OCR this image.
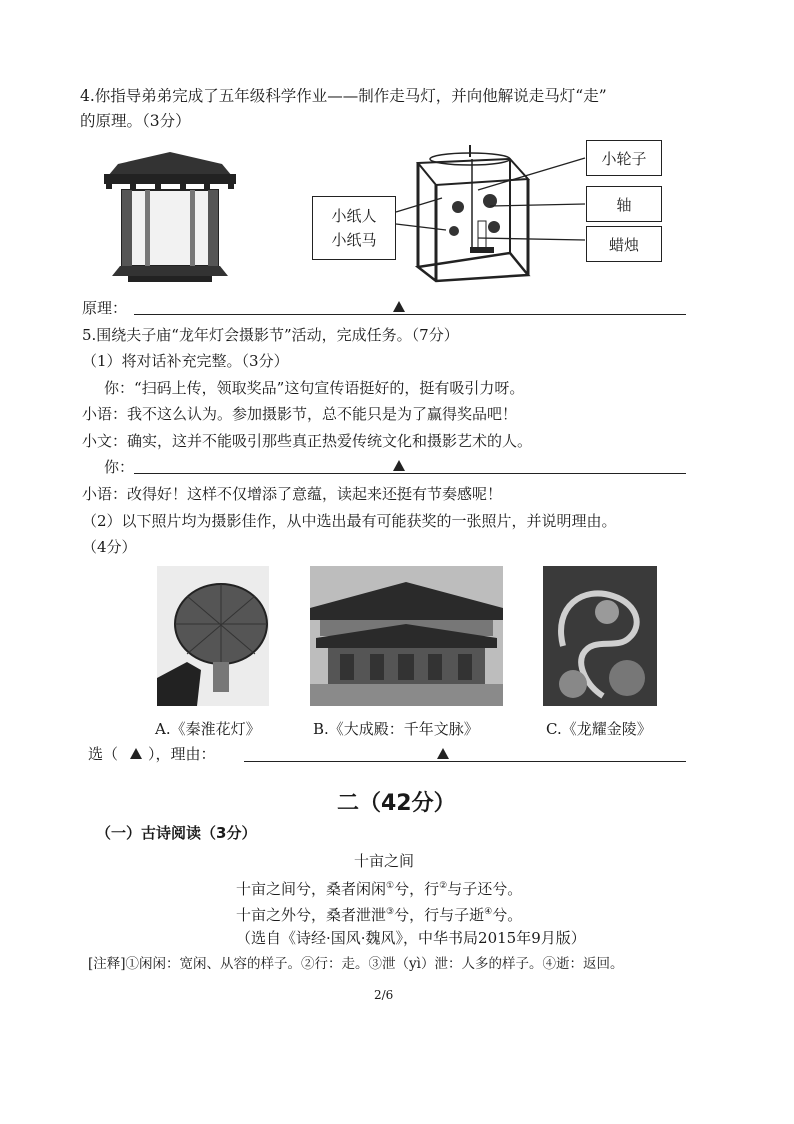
4.你指导弟弟完成了五年级科学作业——制作走马灯，并向他解说走马灯“走”
的原理。（3分）
小轮子
轴
蜡烛
小纸人
小纸马
原理：
5.围绕夫子庙“龙年灯会摄影节”活动，完成任务。（7分）
（1）将对话补充完整。（3分）
你：“扫码上传，领取奖品”这句宣传语挺好的，挺有吸引力呀。
小语：我不这么认为。参加摄影节，总不能只是为了赢得奖品吧！
小文：确实，这并不能吸引那些真正热爱传统文化和摄影艺术的人。
你：
小语：改得好！这样不仅增添了意蕴，读起来还挺有节奏感呢！
（2）以下照片均为摄影佳作，从中选出最有可能获奖的一张照片，并说明理由。
（4分）
A.《秦淮花灯》	B.《大成殿：千年文脉》	C.《龙耀金陵》
选（ ），理由：
二（42分）
（一）古诗阅读（3分）
十亩之间
十亩之间兮，桑者闲闲①兮，行②与子还兮。
十亩之外兮，桑者泄泄③兮，行与子逝④兮。
（选自《诗经·国风·魏风》，中华书局2015年9月版）
[注释]①闲闲：宽闲、从容的样子。②行：走。③泄（yì）泄：人多的样子。④逝：返回。
2/6
